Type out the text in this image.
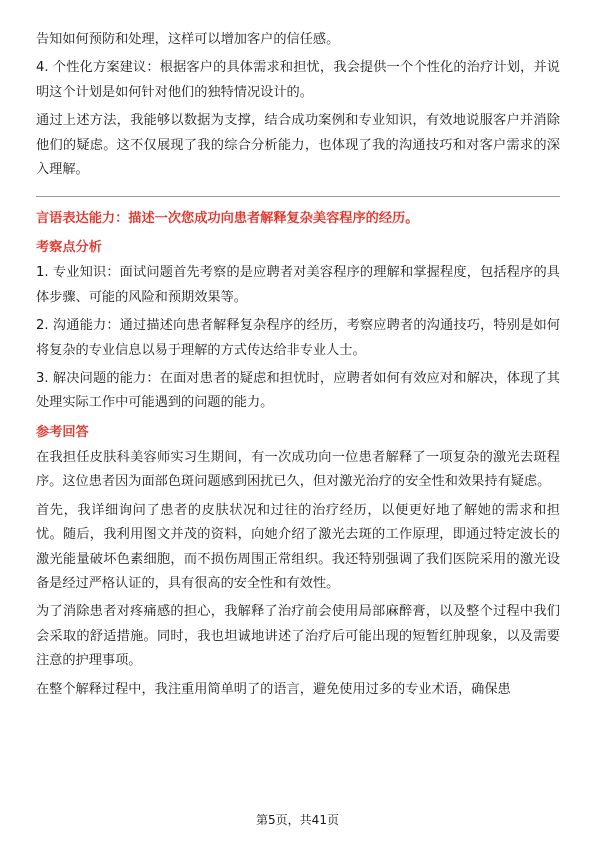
告知如何预防和处理，这样可以增加客户的信任感。

4. 个性化方案建议：根据客户的具体需求和担忧，我会提供一个个性化的治疗计划，并说明这个计划是如何针对他们的独特情况设计的。

通过上述方法，我能够以数据为支撑，结合成功案例和专业知识，有效地说服客户并消除他们的疑虑。这不仅展现了我的综合分析能力，也体现了我的沟通技巧和对客户需求的深入理解。

言语表达能力：描述一次您成功向患者解释复杂美容程序的经历。

考察点分析

1. 专业知识：面试问题首先考察的是应聘者对美容程序的理解和掌握程度，包括程序的具体步骤、可能的风险和预期效果等。

2. 沟通能力：通过描述向患者解释复杂程序的经历，考察应聘者的沟通技巧，特别是如何将复杂的专业信息以易于理解的方式传达给非专业人士。

3. 解决问题的能力：在面对患者的疑虑和担忧时，应聘者如何有效应对和解决，体现了其处理实际工作中可能遇到的问题的能力。

参考回答

在我担任皮肤科美容师实习生期间，有一次成功向一位患者解释了一项复杂的激光去斑程序。这位患者因为面部色斑问题感到困扰已久，但对激光治疗的安全性和效果持有疑虑。

首先，我详细询问了患者的皮肤状况和过往的治疗经历，以便更好地了解她的需求和担忧。随后，我利用图文并茂的资料，向她介绍了激光去斑的工作原理，即通过特定波长的激光能量破坏色素细胞，而不损伤周围正常组织。我还特别强调了我们医院采用的激光设备是经过严格认证的，具有很高的安全性和有效性。

为了消除患者对疼痛感的担心，我解释了治疗前会使用局部麻醉膏，以及整个过程中我们会采取的舒适措施。同时，我也坦诚地讲述了治疗后可能出现的短暂红肿现象，以及需要注意的护理事项。

在整个解释过程中，我注重用简单明了的语言，避免使用过多的专业术语，确保患

第5页，共41页
